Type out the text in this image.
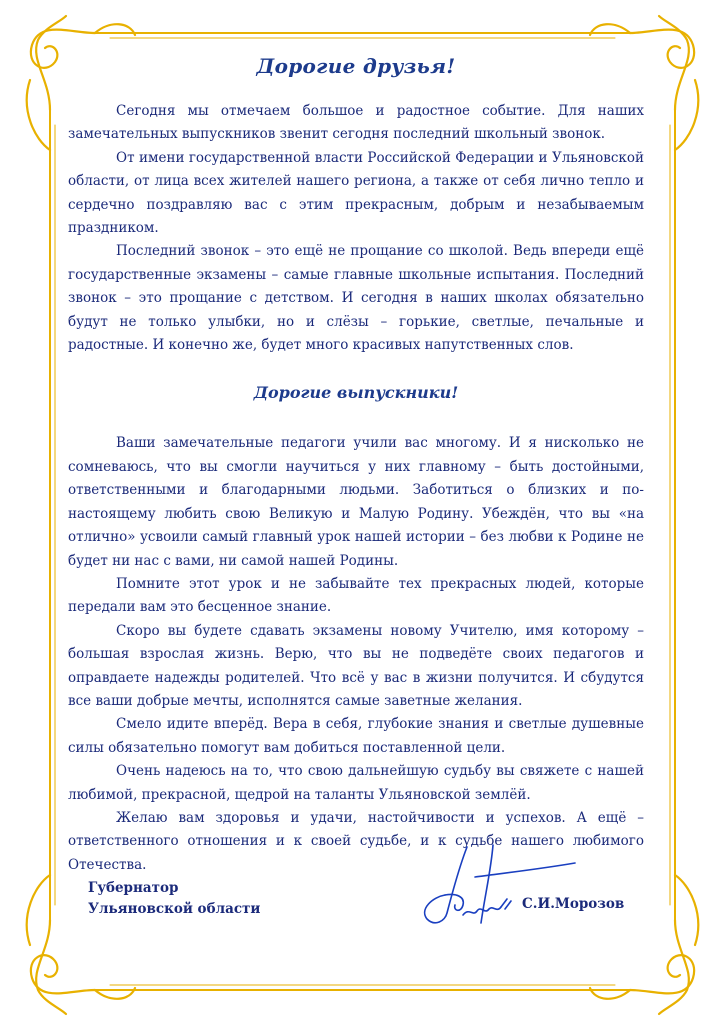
Дорогие друзья!

Сегодня мы отмечаем большое и радостное событие. Для наших замечательных выпускников звенит сегодня последний школьный звонок.

От имени государственной власти Российской Федерации и Ульяновской области, от лица всех жителей нашего региона, а также от себя лично тепло и сердечно поздравляю вас с этим прекрасным, добрым и незабываемым праздником.

Последний звонок – это ещё не прощание со школой. Ведь впереди ещё государственные экзамены – самые главные школьные испытания. Последний звонок – это прощание с детством. И сегодня в наших школах обязательно будут не только улыбки, но и слёзы – горькие, светлые, печальные и радостные. И конечно же, будет много красивых напутственных слов.

Дорогие выпускники!

Ваши замечательные педагоги учили вас многому. И я нисколько не сомневаюсь, что вы смогли научиться у них главному – быть достойными, ответственными и благодарными людьми. Заботиться о близких и по-настоящему любить свою Великую и Малую Родину. Убеждён, что вы «на отлично» усвоили самый главный урок нашей истории – без любви к Родине не будет ни нас с вами, ни самой нашей Родины.

Помните этот урок и не забывайте тех прекрасных людей, которые передали вам это бесценное знание.

Скоро вы будете сдавать экзамены новому Учителю, имя которому – большая взрослая жизнь. Верю, что вы не подведёте своих педагогов и оправдаете надежды родителей. Что всё у вас в жизни получится. И сбудутся все ваши добрые мечты, исполнятся самые заветные желания.

Смело идите вперёд. Вера в себя, глубокие знания и светлые душевные силы обязательно помогут вам добиться поставленной цели.

Очень надеюсь на то, что свою дальнейшую судьбу вы свяжете с нашей любимой, прекрасной, щедрой на таланты Ульяновской землёй.

Желаю вам здоровья и удачи, настойчивости и успехов. А ещё – ответственного отношения и к своей судьбе, и к судьбе нашего любимого Отечества.

Губернатор
Ульяновской области	С.И.Морозов
